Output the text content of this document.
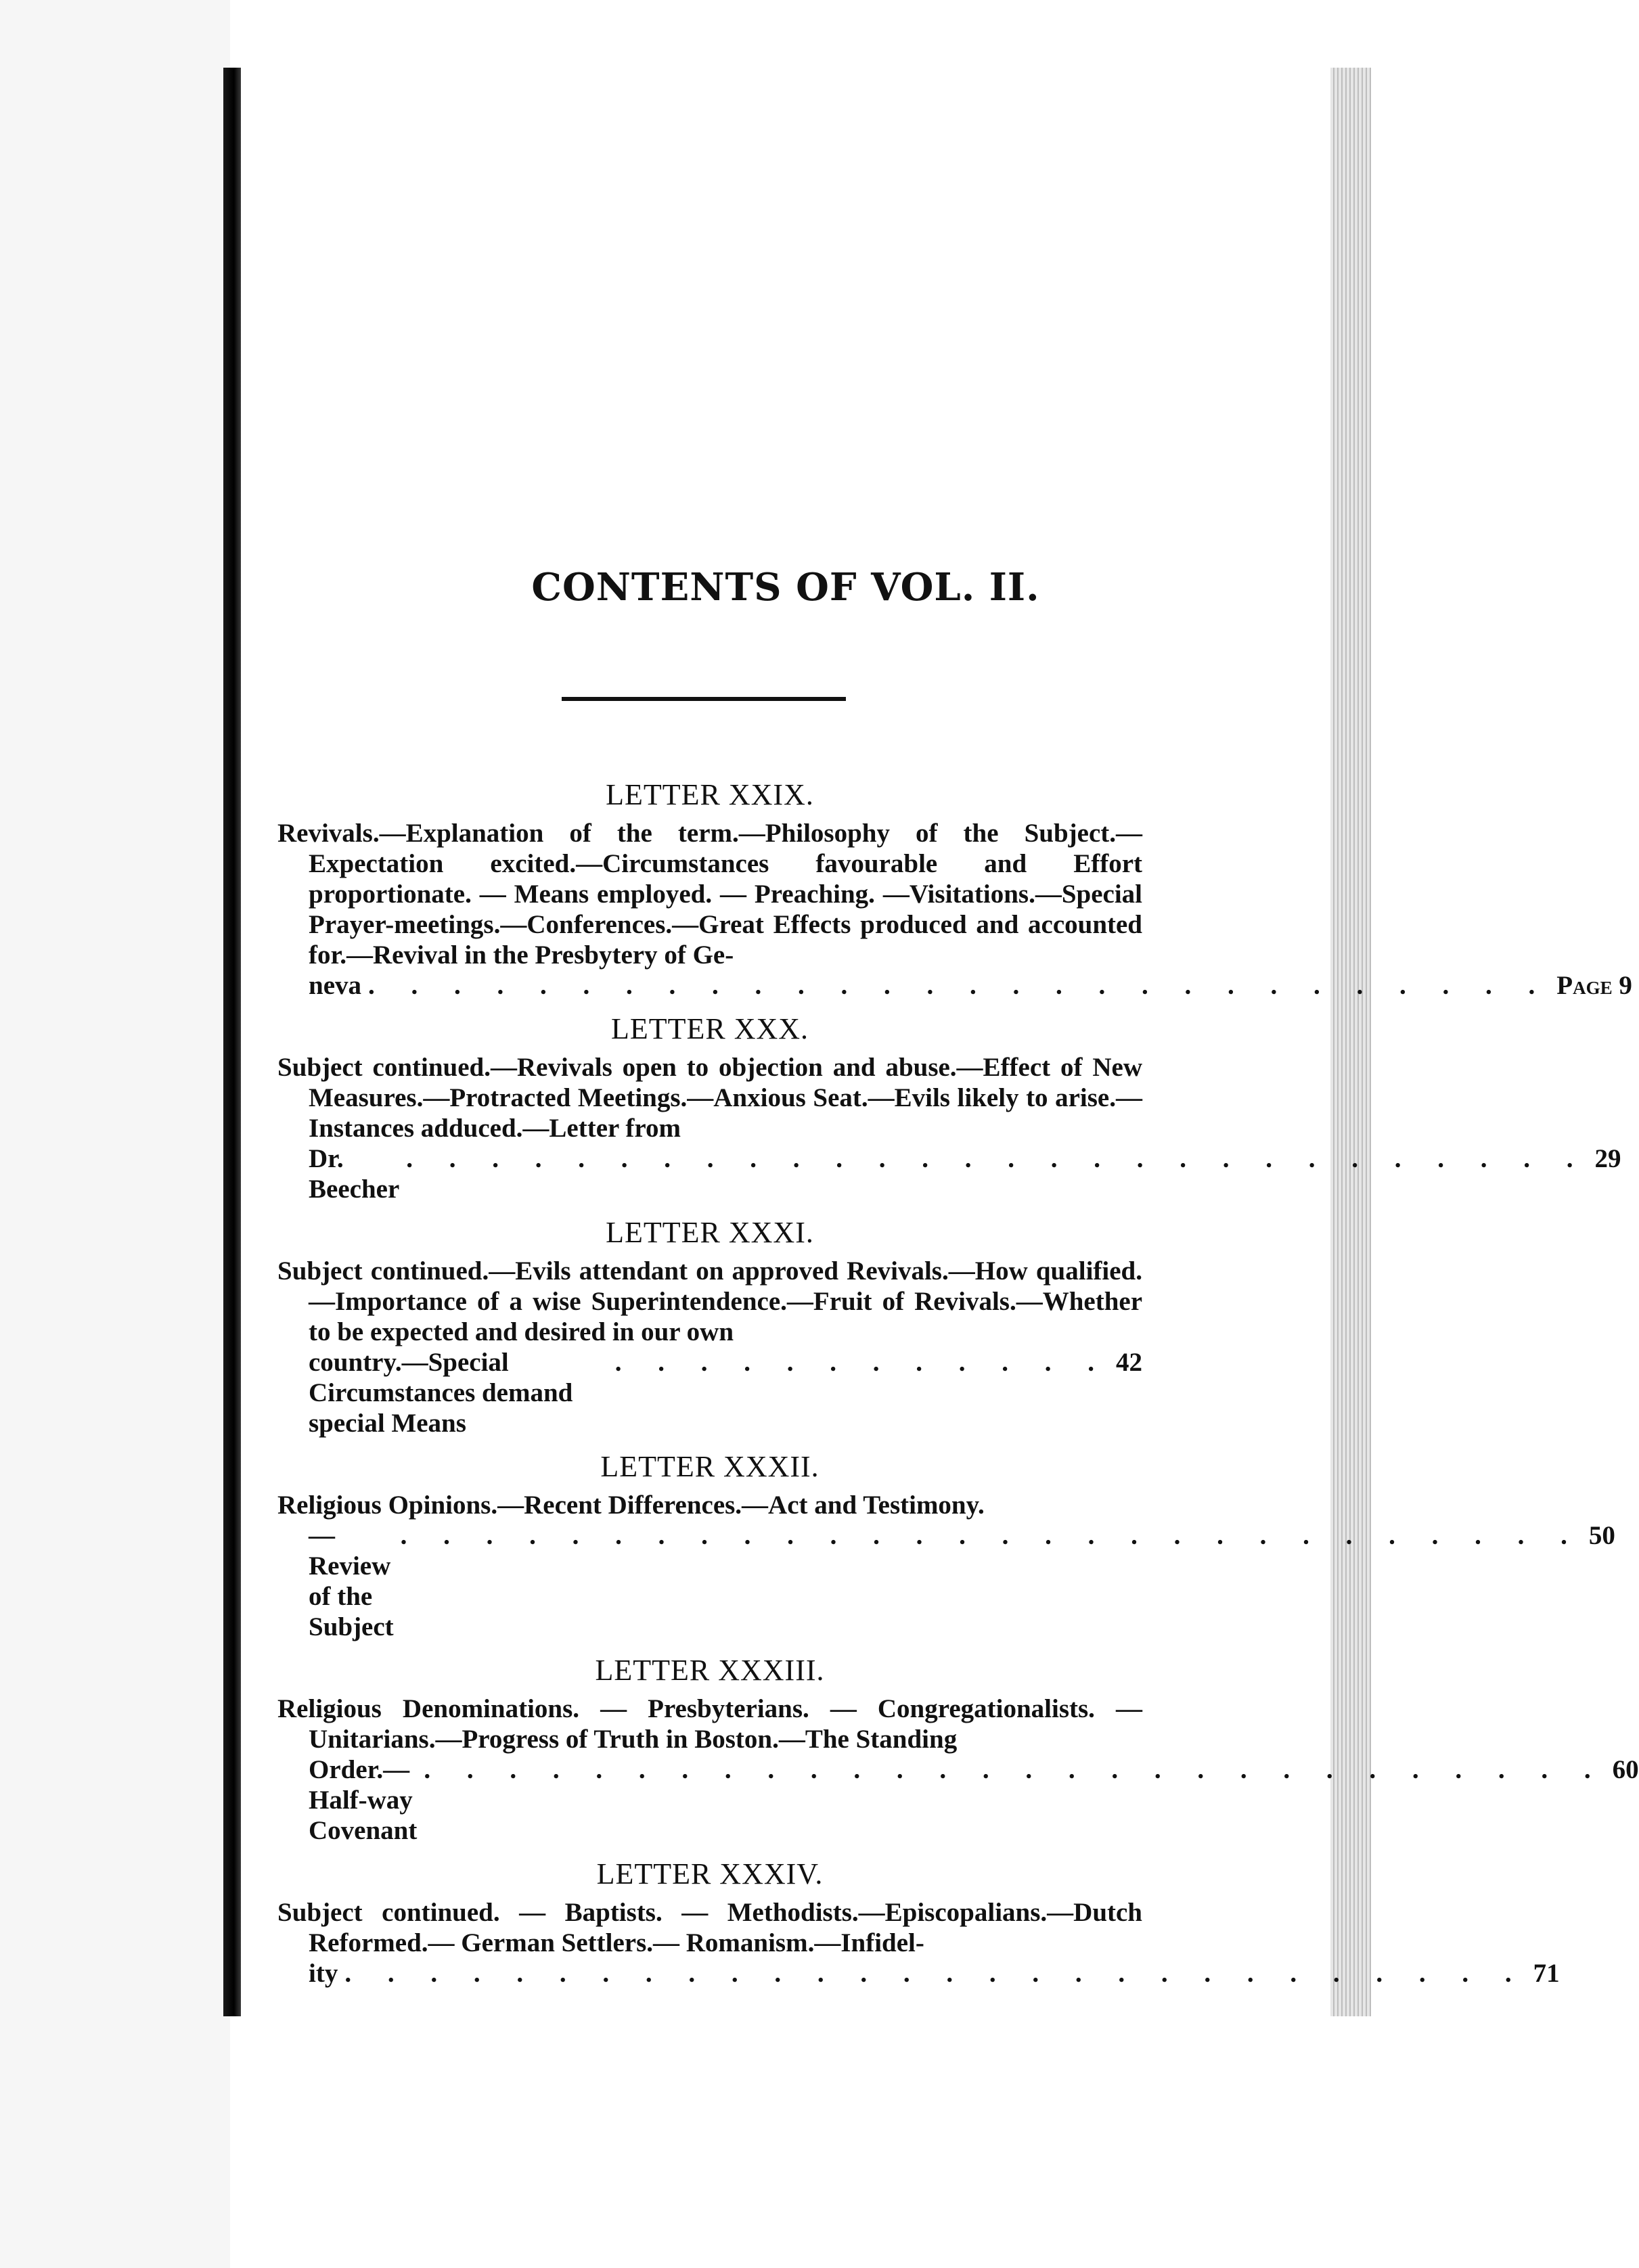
CONTENTS OF VOL. II.
LETTER XXIX.
Revivals.—Explanation of the term.—Philosophy of the Subject.—Expectation excited.—Circumstances favourable and Effort proportionate. — Means employed. — Preaching. —Visitations.—Special Prayer-meetings.—Conferences.—Great Effects produced and accounted for.—Revival in the Presbytery of Ge-
neva . . . . . . . . . . . . . . . . . . . . . . . . . . . . Page 9
LETTER XXX.
Subject continued.—Revivals open to objection and abuse.—Effect of New Measures.—Protracted Meetings.—Anxious Seat.—Evils likely to arise.—Instances adduced.—Letter from
Dr. Beecher
. . . . . . . . . . . . . . . . . . . . . . . . . . . . 29
LETTER XXXI.
Subject continued.—Evils attendant on approved Revivals.—How qualified.—Importance of a wise Superintendence.—Fruit of Revivals.—Whether to be expected and desired in our own
country.—Special Circumstances demand special Means
. . . . . . . . . . . . 42
LETTER XXXII.
Religious Opinions.—Recent Differences.—Act and Testimony.
—Review of the Subject
. . . . . . . . . . . . . . . . . . . . . . . . . . . . 50
LETTER XXXIII.
Religious Denominations. — Presbyterians. — Congregationalists. —Unitarians.—Progress of Truth in Boston.—The Standing
Order.—Half-way Covenant
. . . . . . . . . . . . . . . . . . . . . . . . . . . . 60
LETTER XXXIV.
Subject continued. — Baptists. — Methodists.—Episcopalians.—Dutch Reformed.— German Settlers.— Romanism.—Infidel-
ity . . . . . . . . . . . . . . . . . . . . . . . . . . . . 71
